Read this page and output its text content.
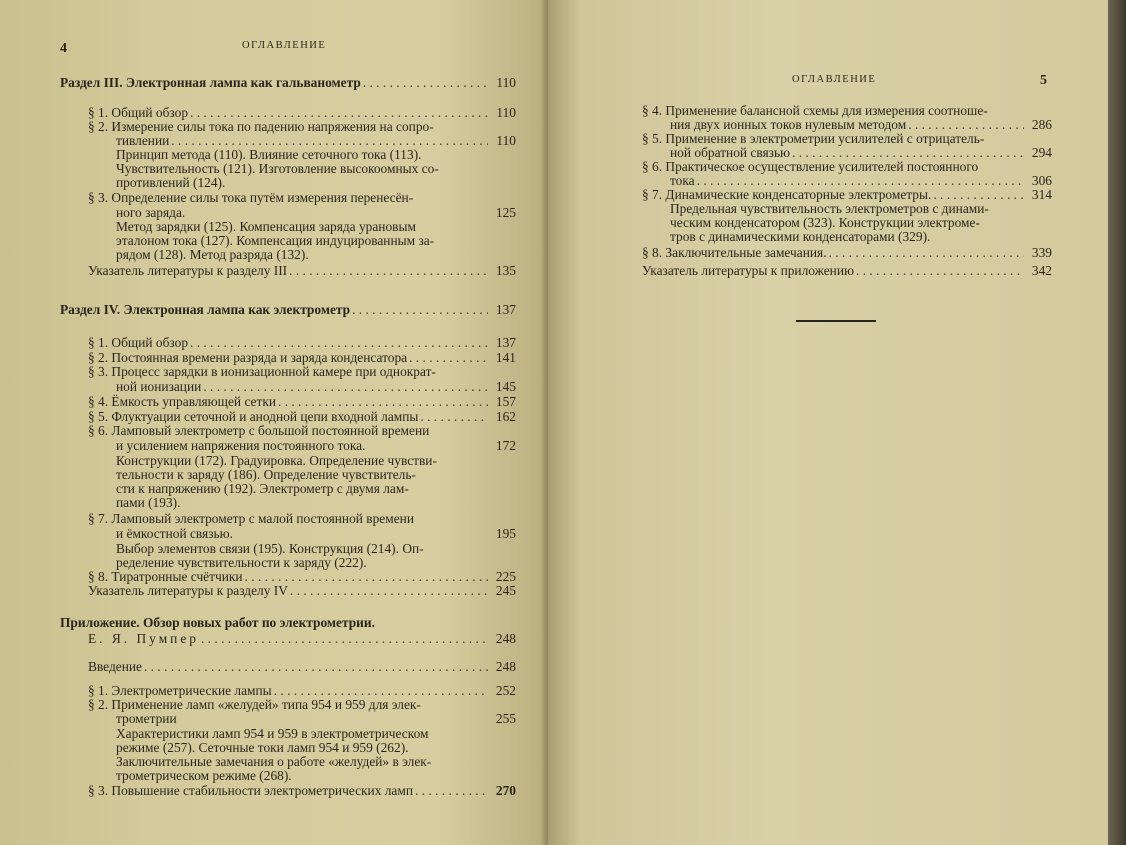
4	ОГЛАВЛЕНИЕ
Раздел III. Электронная лампа как гальванометр . . .	110
§ 1. Общий обзор . . .	110
§ 2. Измерение силы тока по падению напряжения на сопро-
тивлении . . .	110
Принцип метода (110). Влияние сеточного тока (113).
Чувствительность (121). Изготовление высокоомных со-
противлений (124).
§ 3. Определение силы тока путём измерения перенесён-
ного заряда.	125
Метод зарядки (125). Компенсация заряда урановым
эталоном тока (127). Компенсация индуцированным за-
рядом (128). Метод разряда (132).
Указатель литературы к разделу III . . .	135
Раздел IV. Электронная лампа как электрометр . . .	137
§ 1. Общий обзор . . .	137
§ 2. Постоянная времени разряда и заряда конденсатора . . .	141
§ 3. Процесс зарядки в ионизационной камере при однократ-
ной ионизации . . .	145
§ 4. Ёмкость управляющей сетки . . .	157
§ 5. Флуктуации сеточной и анодной цепи входной лампы . . .	162
§ 6. Ламповый электрометр с большой постоянной времени
и усилением напряжения постоянного тока.	172
Конструкции (172). Градуировка. Определение чувстви-
тельности к заряду (186). Определение чувствитель-
сти к напряжению (192). Электрометр с двумя лам-
пами (193).
§ 7. Ламповый электрометр с малой постоянной времени
и ёмкостной связью.	195
Выбор элементов связи (195). Конструкция (214). Оп-
ределение чувствительности к заряду (222).
§ 8. Тиратронные счётчики . . .	225
Указатель литературы к разделу IV . . .	245
Приложение. Обзор новых работ по электрометрии.
Е. Я. Пумпер . . .	248
Введение . . .	248
§ 1. Электрометрические лампы . . .	252
§ 2. Применение ламп «желудей» типа 954 и 959 для элек-
трометрии	255
Характеристики ламп 954 и 959 в электрометрическом
режиме (257). Сеточные токи ламп 954 и 959 (262).
Заключительные замечания о работе «желудей» в элек-
трометрическом режиме (268).
§ 3. Повышение стабильности электрометрических ламп . . .	270
ОГЛАВЛЕНИЕ	5
§ 4. Применение балансной схемы для измерения соотноше-
ния двух ионных токов нулевым методом . . .	286
§ 5. Применение в электрометрии усилителей с отрицатель-
ной обратной связью . . .	294
§ 6. Практическое осуществление усилителей постоянного
тока . . .	306
§ 7. Динамические конденсаторные электрометры. . . .	314
Предельная чувствительность электрометров с динами-
ческим конденсатором (323). Конструкции электроме-
тров с динамическими конденсаторами (329).
§ 8. Заключительные замечания. . . .	339
Указатель литературы к приложению . . .	342
